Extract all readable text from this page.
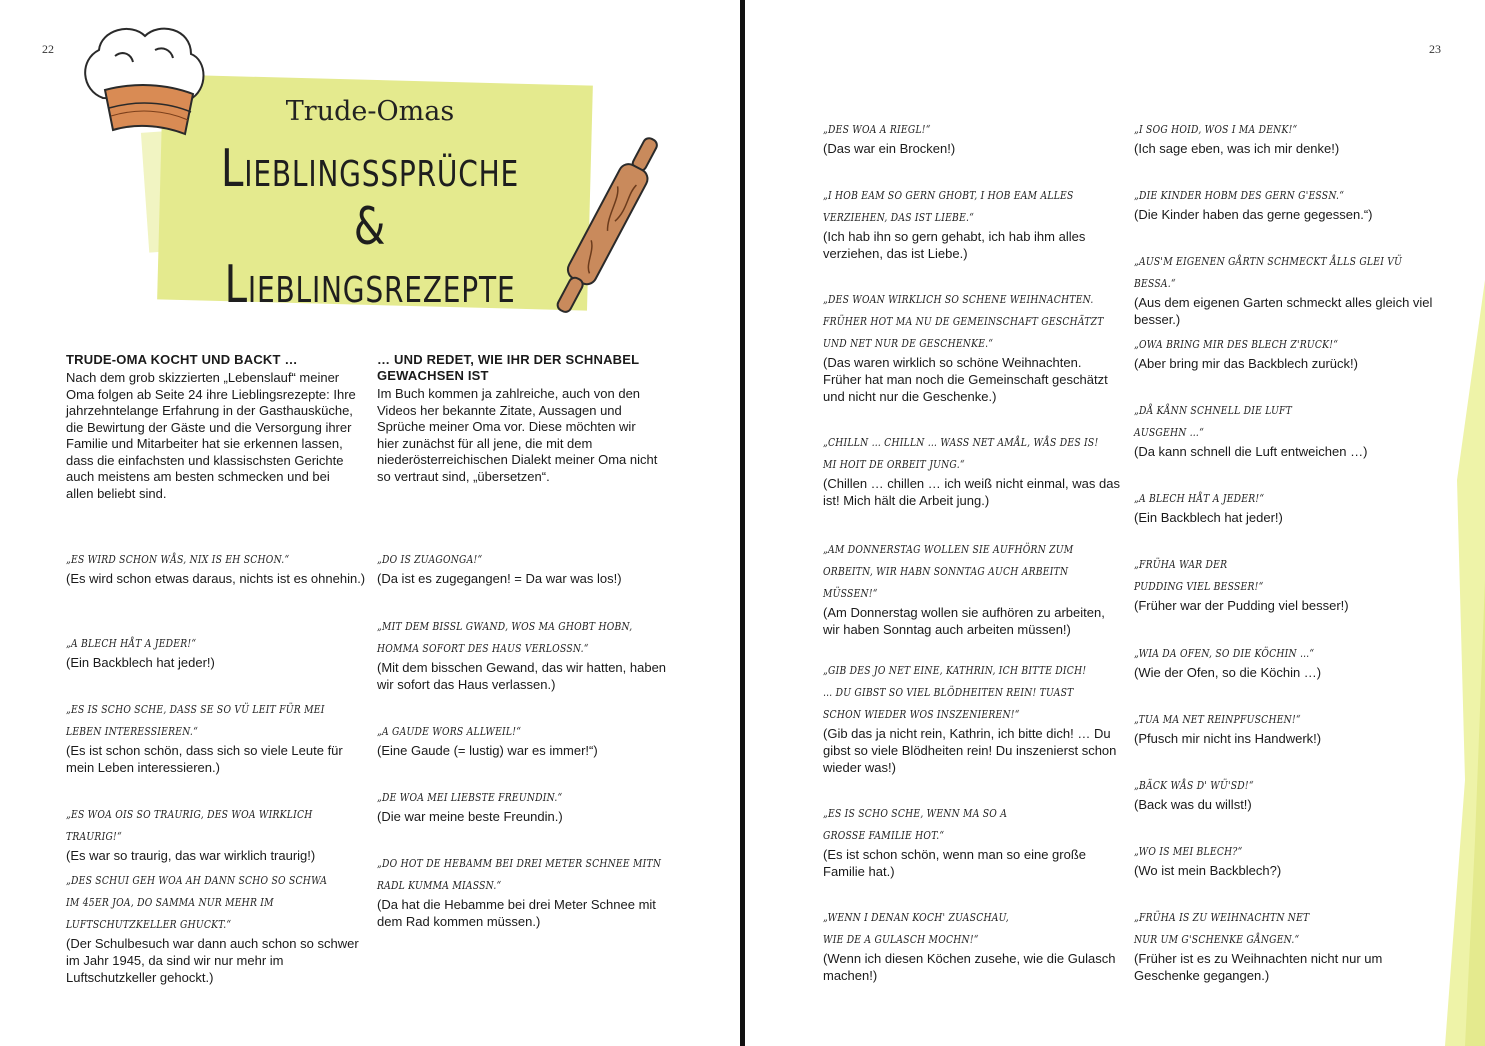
22
Trude-Omas
Lieblingssprüche &
Lieblingsrezepte
TRUDE-OMA KOCHT UND BACKT …

Nach dem grob skizzierten „Lebenslauf“ meiner Oma folgen ab Seite 24 ihre Lieblingsrezepte: Ihre jahrzehntelange Erfahrung in der Gasthausküche, die Bewirtung der Gäste und die Versorgung ihrer Familie und Mitarbeiter hat sie erkennen lassen, dass die einfachsten und klassischsten Gerichte auch meistens am besten schmecken und bei allen beliebt sind.

… UND REDET, WIE IHR DER SCHNABEL GEWACHSEN IST

Im Buch kommen ja zahlreiche, auch von den Videos her bekannte Zitate, Aussagen und Sprüche meiner Oma vor. Diese möchten wir hier zunächst für all jene, die mit dem niederösterreichischen Dialekt meiner Oma nicht so vertraut sind, „übersetzen“.

„ES WIRD SCHON WÅS, NIX IS EH SCHON.“
(Es wird schon etwas daraus, nichts ist es ohnehin.)
„A BLECH HÅT A JEDER!“
(Ein Backblech hat jeder!)
„ES IS SCHO SCHE, DASS SE SO VÜ LEIT FÜR MEI LEBEN INTERESSIEREN.“
(Es ist schon schön, dass sich so viele Leute für mein Leben interessieren.)
„ES WOA OIS SO TRAURIG, DES WOA WIRKLICH TRAURIG!“
(Es war so traurig, das war wirklich traurig!)
„DES SCHUI GEH WOA AH DANN SCHO SO SCHWA IM 45ER JOA, DO SAMMA NUR MEHR IM LUFTSCHUTZKELLER GHUCKT.“
(Der Schulbesuch war dann auch schon so schwer im Jahr 1945, da sind wir nur mehr im Luftschutzkeller gehockt.)
„DO IS ZUAGONGA!“
(Da ist es zugegangen! = Da war was los!)
„MIT DEM BISSL GWAND, WOS MA GHOBT HOBN, HOMMA SOFORT DES HAUS VERLOSSN.“
(Mit dem bisschen Gewand, das wir hatten, haben wir sofort das Haus verlassen.)
„A GAUDE WORS ALLWEIL!“
(Eine Gaude (= lustig) war es immer!“)
„DE WOA MEI LIEBSTE FREUNDIN.“
(Die war meine beste Freundin.)
„DO HOT DE HEBAMM BEI DREI METER SCHNEE MITN RADL KUMMA MIASSN.“
(Da hat die Hebamme bei drei Meter Schnee mit dem Rad kommen müssen.)
23
„DES WOA A RIEGL!“
(Das war ein Brocken!)
„I HOB EAM SO GERN GHOBT, I HOB EAM ALLES VERZIEHEN, DAS IST LIEBE.“
(Ich hab ihn so gern gehabt, ich hab ihm alles verziehen, das ist Liebe.)
„DES WOAN WIRKLICH SO SCHENE WEIHNACHTEN. FRÜHER HOT MA NU DE GEMEINSCHAFT GESCHÄTZT UND NET NUR DE GESCHENKE.“
(Das waren wirklich so schöne Weihnachten. Früher hat man noch die Gemeinschaft geschätzt und nicht nur die Geschenke.)
„CHILLN … CHILLN … WASS NET AMÅL, WÅS DES IS! MI HOIT DE ORBEIT JUNG.“
(Chillen … chillen … ich weiß nicht einmal, was das ist! Mich hält die Arbeit jung.)
„AM DONNERSTAG WOLLEN SIE AUFHÖRN ZUM ORBEITN, WIR HABN SONNTAG AUCH ARBEITN MÜSSEN!“
(Am Donnerstag wollen sie aufhören zu arbeiten, wir haben Sonntag auch arbeiten müssen!)
„GIB DES JO NET EINE, KATHRIN, ICH BITTE DICH! … DU GIBST SO VIEL BLÖDHEITEN REIN! TUAST SCHON WIEDER WOS INSZENIEREN!“
(Gib das ja nicht rein, Kathrin, ich bitte dich! … Du gibst so viele Blödheiten rein! Du inszenierst schon wieder was!)
„ES IS SCHO SCHE, WENN MA SO A GROSSE FAMILIE HOT.“
(Es ist schon schön, wenn man so eine große Familie hat.)
„WENN I DENAN KOCH' ZUASCHAU, WIE DE A GULASCH MOCHN!“
(Wenn ich diesen Köchen zusehe, wie die Gulasch machen!)
„I SOG HOID, WOS I MA DENK!“
(Ich sage eben, was ich mir denke!)
„DIE KINDER HOBM DES GERN G'ESSN.“
(Die Kinder haben das gerne gegessen.“)
„AUS'M EIGENEN GÅRTN SCHMECKT ÅLLS GLEI VÜ BESSA.“
(Aus dem eigenen Garten schmeckt alles gleich viel besser.)
„OWA BRING MIR DES BLECH Z'RUCK!“
(Aber bring mir das Backblech zurück!)
„DÅ KÅNN SCHNELL DIE LUFT AUSGEHN …“
(Da kann schnell die Luft entweichen …)
„A BLECH HÅT A JEDER!“
(Ein Backblech hat jeder!)
„FRÜHA WAR DER PUDDING VIEL BESSER!“
(Früher war der Pudding viel besser!)
„WIA DA OFEN, SO DIE KÖCHIN …“
(Wie der Ofen, so die Köchin …)
„TUA MA NET REINPFUSCHEN!“
(Pfusch mir nicht ins Handwerk!)
„BÄCK WÅS D' WÜ'SD!“
(Back was du willst!)
„WO IS MEI BLECH?“
(Wo ist mein Backblech?)
„FRÜHA IS ZU WEIHNACHTN NET NUR UM G'SCHENKE GÅNGEN.“
(Früher ist es zu Weihnachten nicht nur um Geschenke gegangen.)
